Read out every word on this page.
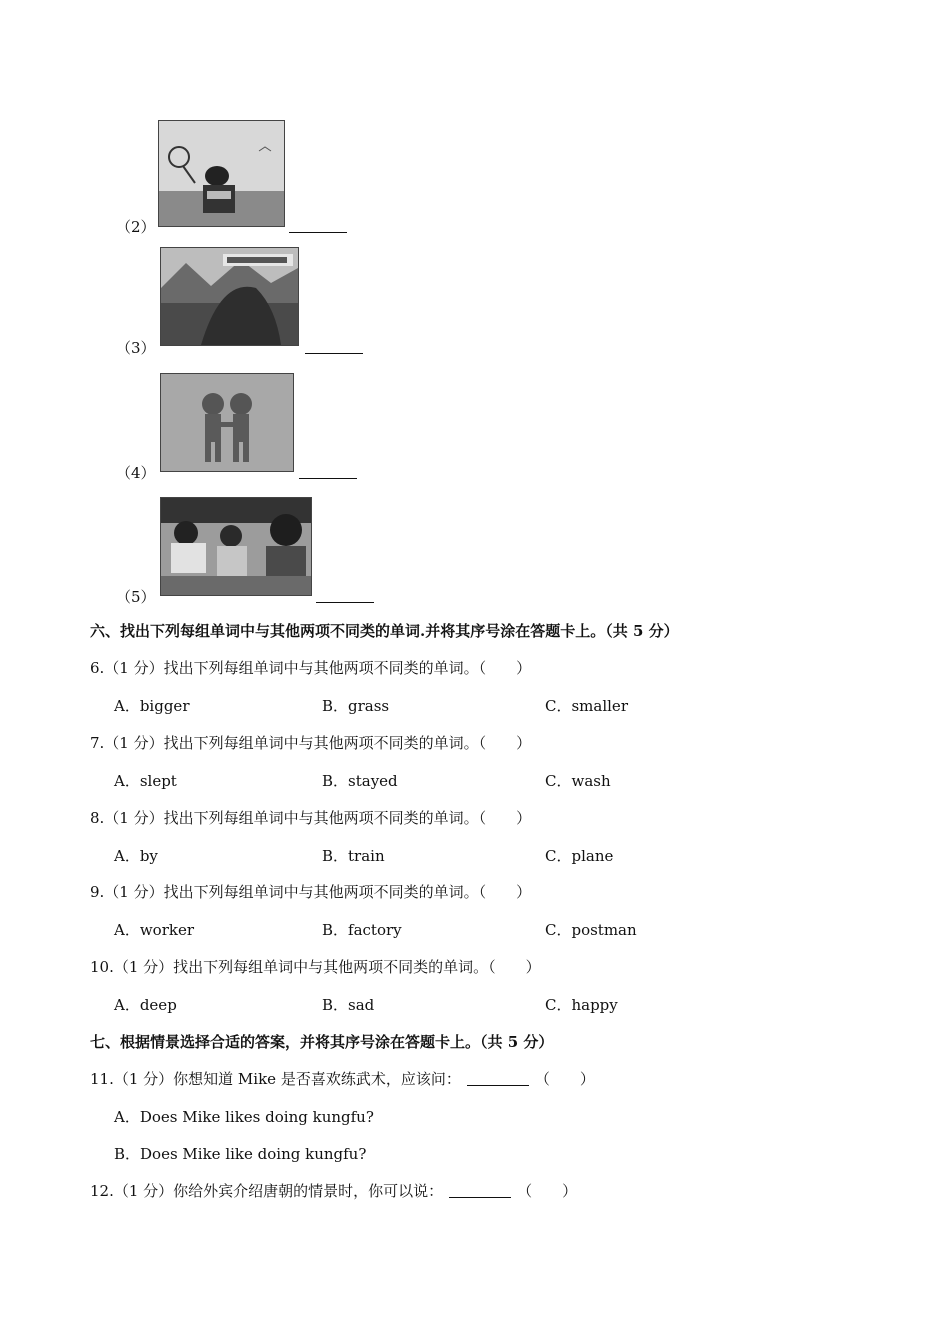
（2）
（3）
（4）
（5）
六、找出下列每组单词中与其他两项不同类的单词.并将其序号涂在答题卡上。（共 5 分）
6.（1 分）找出下列每组单词中与其他两项不同类的单词。（　　）
A．bigger	B．grass	C．smaller
7.（1 分）找出下列每组单词中与其他两项不同类的单词。（　　）
A．slept	B．stayed	C．wash
8.（1 分）找出下列每组单词中与其他两项不同类的单词。（　　）
A．by	B．train	C．plane
9.（1 分）找出下列每组单词中与其他两项不同类的单词。（　　）
A．worker	B．factory	C．postman
10.（1 分）找出下列每组单词中与其他两项不同类的单词。（　　）
A．deep	B．sad	C．happy
七、根据情景选择合适的答案，并将其序号涂在答题卡上。（共 5 分）
11.（1 分）你想知道 Mike 是否喜欢练武术，应该问：	（　　）
A．Does Mike likes doing kungfu?
B．Does Mike like doing kungfu?
12.（1 分）你给外宾介绍唐朝的情景时，你可以说：	（　　）
